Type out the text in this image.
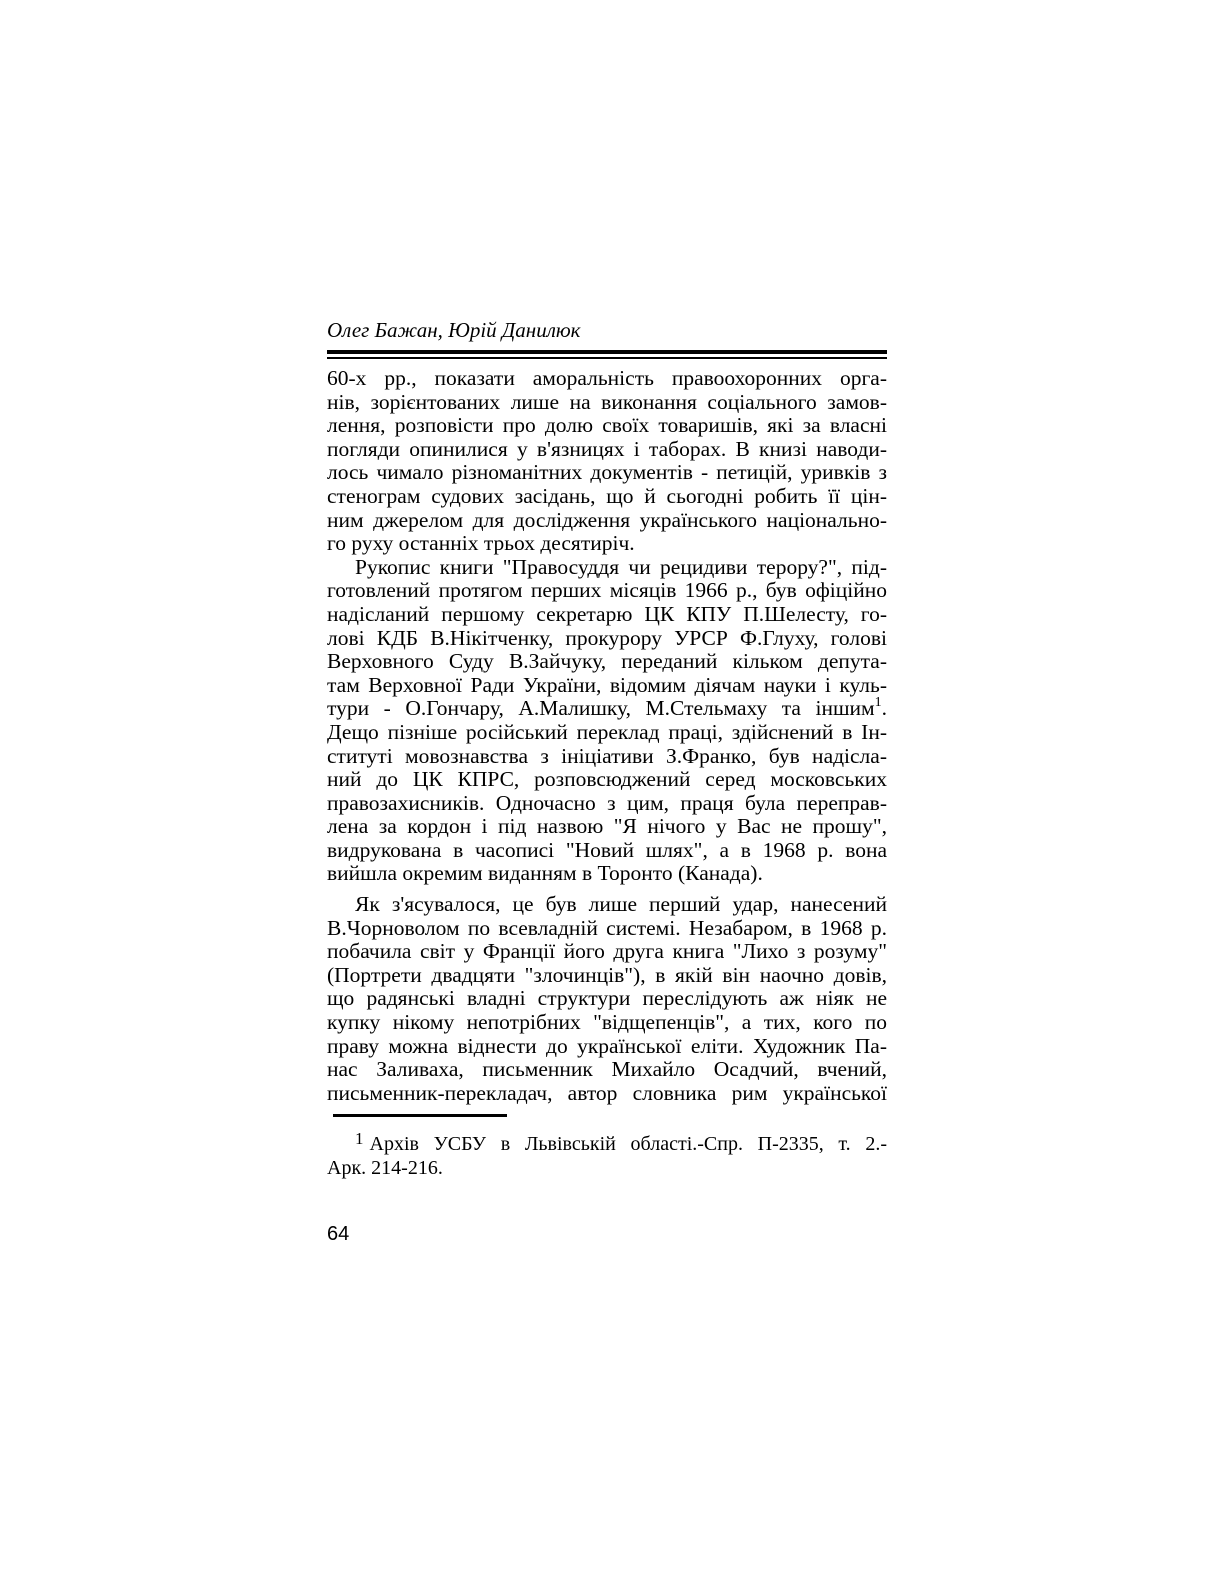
Олег Бажан, Юрій Данилюк
60-х рр., показати аморальність правоохоронних орга-
нів, зорієнтованих лише на виконання соціального замов-
лення, розповісти про долю своїх товаришів, які за власні
погляди опинилися у в'язницях і таборах. В книзі наводи-
лось чимало різноманітних документів - петицій, уривків з
стенограм судових засідань, що й сьогодні робить її цін-
ним джерелом для дослідження українського національно-
го руху останніх трьох десятиріч.
Рукопис книги "Правосуддя чи рецидиви терору?", під-
готовлений протягом перших місяців 1966 р., був офіційно
надісланий першому секретарю ЦК КПУ П.Шелесту, го-
лові КДБ В.Нікітченку, прокурору УРСР Ф.Глуху, голові
Верховного Суду В.Зайчуку, переданий кільком депута-
там Верховної Ради України, відомим діячам науки і куль-
тури - О.Гончару, А.Малишку, М.Стельмаху та іншим$^1$.
Дещо пізніше російський переклад праці, здійснений в Ін-
ституті мовознавства з ініціативи З.Франко, був надісла-
ний до ЦК КПРС, розповсюджений серед московських
правозахисників. Одночасно з цим, праця була переправ-
лена за кордон і під назвою "Я нічого у Вас не прошу",
видрукована в часописі "Новий шлях", а в 1968 р. вона
вийшла окремим виданням в Торонто (Канада).
Як з'ясувалося, це був лише перший удар, нанесений
В.Чорноволом по всевладній системі. Незабаром, в 1968 р.
побачила світ у Франції його друга книга "Лихо з розуму"
(Портрети двадцяти "злочинців"), в якій він наочно довів,
що радянські владні структури переслідують аж ніяк не
купку нікому непотрібних "відщепенців", а тих, кого по
праву можна віднести до української еліти. Художник Па-
нас Заливаха, письменник Михайло Осадчий, вчений,
письменник-перекладач, автор словника рим української
$^1$ Архів УСБУ в Львівській області.-Спр. П-2335, т. 2.-
Арк. 214-216.
64
